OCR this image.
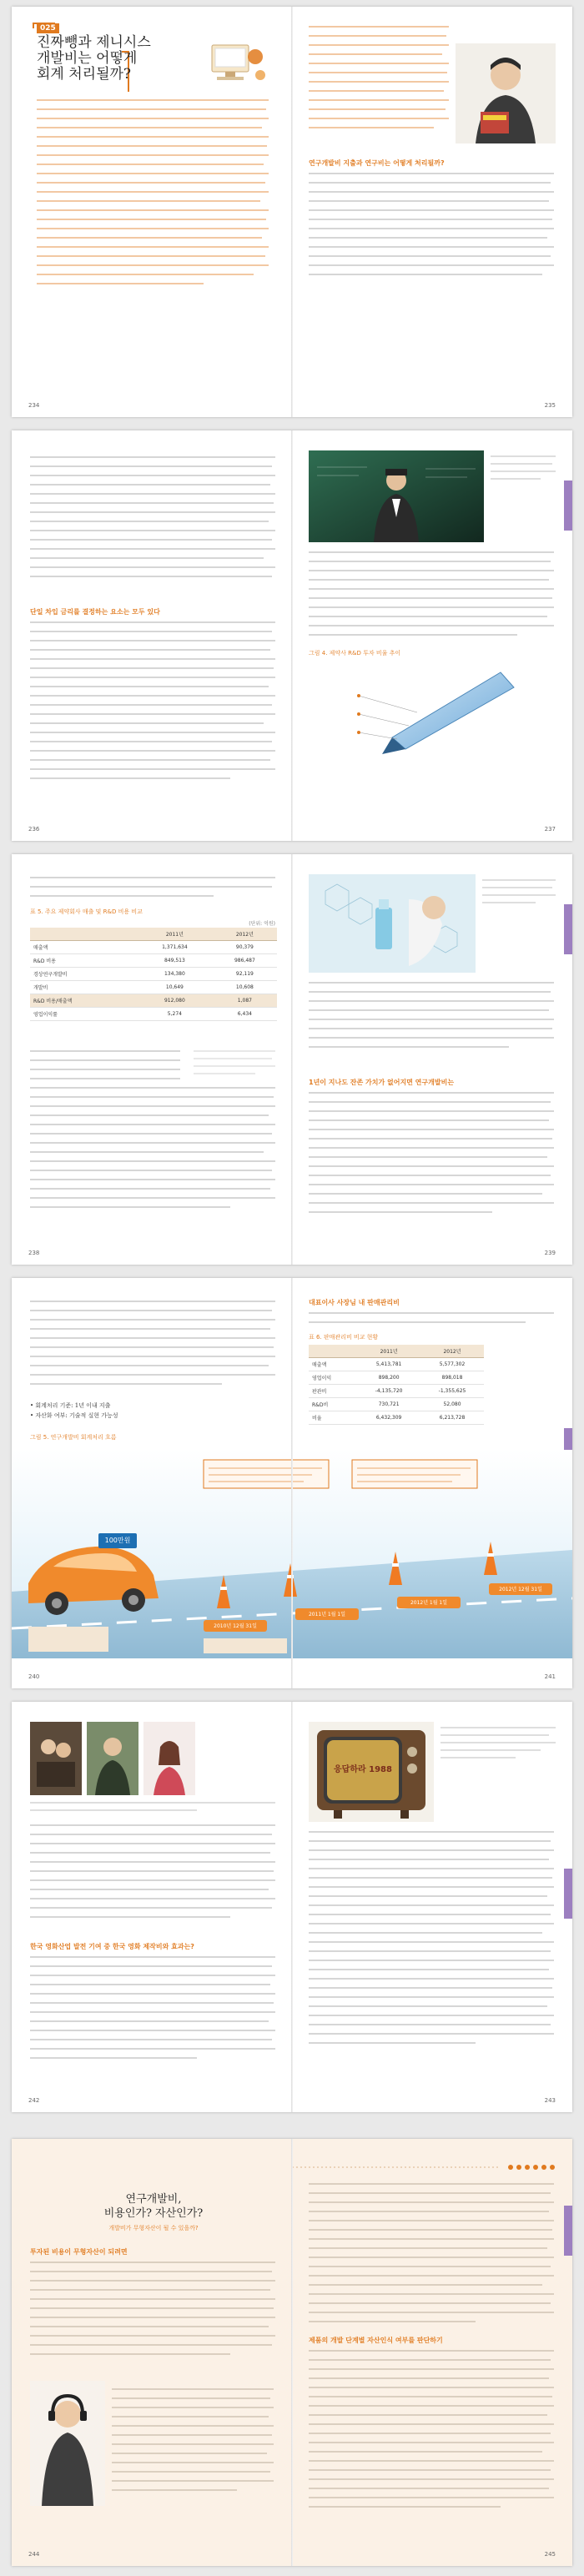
025
진짜뺑과 제니시스
개발비는 어떻게
회계 처리될까?
234
연구개발비 지출과 연구비는 어떻게 처리될까?
235
단일 차입 금리를 결정하는 요소는 모두 있다
236
그림 4. 제약사 R&D 투자 비율 추이
237
표 5. 주요 제약회사 매출 및 R&D 비용 비교
(단위: 억원)
	2011년	2012년
매출액	1,371,634	90,379
R&D 비용	849,513	986,487
경상연구개발비	134,380	92,119
개발비	10,649	10,608
R&D 비용/매출액	912,080	1,087
영업이익률	5,274	6,434
238
1년이 지나도 잔존 가치가 없어지면 연구개발비는
239
• 회계처리 기준: 1년 이내 지출
• 자산화 여부: 기술적 실현 가능성
그림 5. 연구개발비 회계처리 흐름
대표이사 사장님 내 판매관리비
표 6. 판매관리비 비교 현황
	2011년	2012년
매출액	5,413,781	5,577,302
영업이익	898,200	898,018
판관비	-4,135,720	-1,355,625
R&D비	730,721	52,080
비율	6,432,309	6,213,728
100만원
2010년 12월 31일
2011년 1월 1일
2012년 1월 1일
2012년 12월 31일
240	241
한국 영화산업 발전 기여 중 한국 영화 제작비와 효과는?
242
응답하라 1988
243
연구개발비,
비용인가? 자산인가?
개발비가 무형자산이 될 수 있을까?
투자된 비용이 무형자산이 되려면
244
제품의 개발 단계별 자산인식 여부를 판단하기
245
